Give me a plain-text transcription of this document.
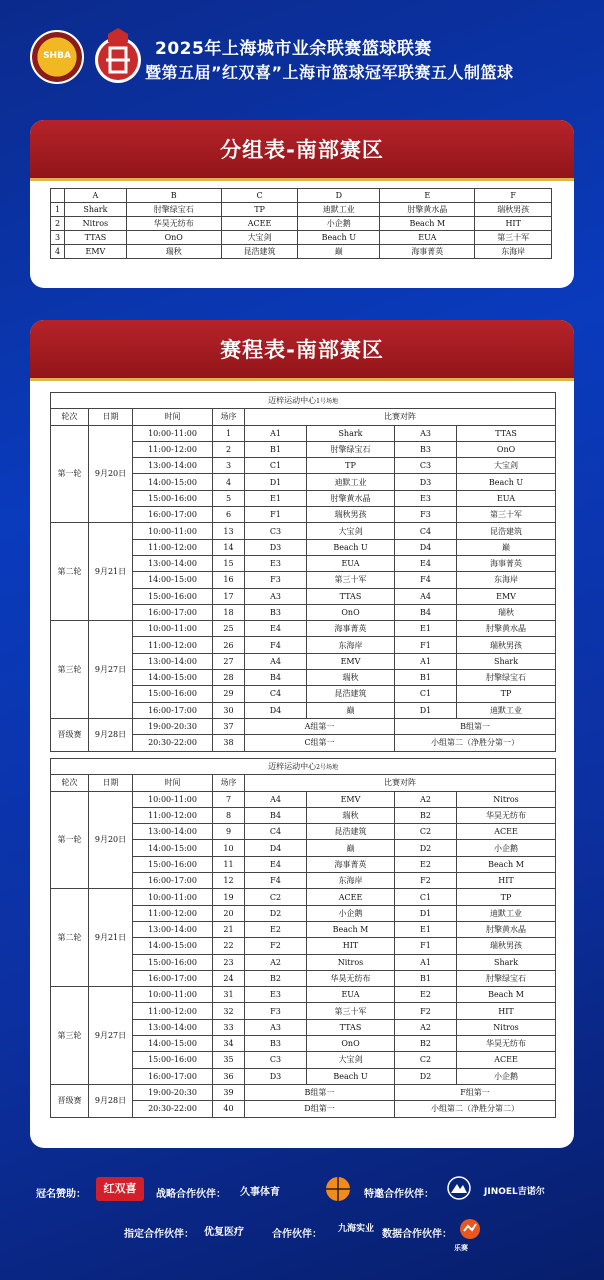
SHBA	2025年上海城市业余联赛篮球联赛
暨第五届”红双喜”上海市篮球冠军联赛五人制篮球
分组表-南部赛区
	A	B	C	D	E	F
1	Shark	肘擎绿宝石	TP	迪默工业	肘擎黄水晶	瑞秋男孩
2	Nitros	华昊无纺布	ACEE	小企鹅	Beach M	HIT
3	TTAS	OnO	大宝剑	Beach U	EUA	第三十军
4	EMV	瑞秋	昆浩建筑	巅	海事菁英	东海岸
赛程表-南部赛区
迈梓运动中心1号场地							
轮次	日期	时间	场序	比赛对阵			
第一轮	9月20日	10:00-11:00	1	A1	Shark	A3	TTAS
		11:00-12:00	2	B1	肘擎绿宝石	B3	OnO
		13:00-14:00	3	C1	TP	C3	大宝剑
		14:00-15:00	4	D1	迪默工业	D3	Beach U
		15:00-16:00	5	E1	肘擎黄水晶	E3	EUA
		16:00-17:00	6	F1	瑞秋男孩	F3	第三十军
第二轮	9月21日	10:00-11:00	13	C3	大宝剑	C4	昆浩建筑
		11:00-12:00	14	D3	Beach U	D4	巅
		13:00-14:00	15	E3	EUA	E4	海事菁英
		14:00-15:00	16	F3	第三十军	F4	东海岸
		15:00-16:00	17	A3	TTAS	A4	EMV
		16:00-17:00	18	B3	OnO	B4	瑞秋
第三轮	9月27日	10:00-11:00	25	E4	海事菁英	E1	肘擎黄水晶
		11:00-12:00	26	F4	东海岸	F1	瑞秋男孩
		13:00-14:00	27	A4	EMV	A1	Shark
		14:00-15:00	28	B4	瑞秋	B1	肘擎绿宝石
		15:00-16:00	29	C4	昆浩建筑	C1	TP
		16:00-17:00	30	D4	巅	D1	迪默工业
晋级赛	9月28日	19:00-20:30	37	A组第一		B组第一	
		20:30-22:00	38	C组第一		小组第二（净胜分第一）	
迈梓运动中心2号场地							
轮次	日期	时间	场序	比赛对阵			
第一轮	9月20日	10:00-11:00	7	A4	EMV	A2	Nitros
		11:00-12:00	8	B4	瑞秋	B2	华昊无纺布
		13:00-14:00	9	C4	昆浩建筑	C2	ACEE
		14:00-15:00	10	D4	巅	D2	小企鹅
		15:00-16:00	11	E4	海事菁英	E2	Beach M
		16:00-17:00	12	F4	东海岸	F2	HIT
第二轮	9月21日	10:00-11:00	19	C2	ACEE	C1	TP
		11:00-12:00	20	D2	小企鹅	D1	迪默工业
		13:00-14:00	21	E2	Beach M	E1	肘擎黄水晶
		14:00-15:00	22	F2	HIT	F1	瑞秋男孩
		15:00-16:00	23	A2	Nitros	A1	Shark
		16:00-17:00	24	B2	华昊无纺布	B1	肘擎绿宝石
第三轮	9月27日	10:00-11:00	31	E3	EUA	E2	Beach M
		11:00-12:00	32	F3	第三十军	F2	HIT
		13:00-14:00	33	A3	TTAS	A2	Nitros
		14:00-15:00	34	B3	OnO	B2	华昊无纺布
		15:00-16:00	35	C3	大宝剑	C2	ACEE
		16:00-17:00	36	D3	Beach U	D2	小企鹅
晋级赛	9月28日	19:00-20:30	39	B组第一		F组第一	
		20:30-22:00	40	D组第一		小组第二（净胜分第二）	
冠名赞助：	红双喜	战略合作伙伴： 久事体育	特邀合作伙伴：	JINOEL吉诺尔
指定合作伙伴： 优复医疗	合作伙伴： 九海实业 数据合作伙伴：
乐赛
